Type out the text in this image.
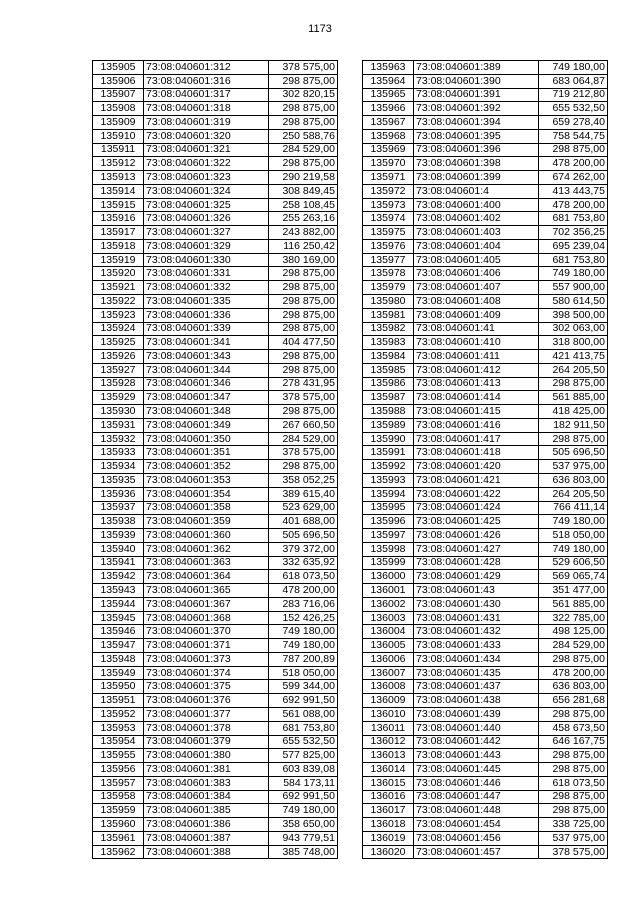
1173
135905	73:08:040601:312	378 575,00
135906	73:08:040601:316	298 875,00
135907	73:08:040601:317	302 820,15
135908	73:08:040601:318	298 875,00
135909	73:08:040601:319	298 875,00
135910	73:08:040601:320	250 588,76
135911	73:08:040601:321	284 529,00
135912	73:08:040601:322	298 875,00
135913	73:08:040601:323	290 219,58
135914	73:08:040601:324	308 849,45
135915	73:08:040601:325	258 108,45
135916	73:08:040601:326	255 263,16
135917	73:08:040601:327	243 882,00
135918	73:08:040601:329	116 250,42
135919	73:08:040601:330	380 169,00
135920	73:08:040601:331	298 875,00
135921	73:08:040601:332	298 875,00
135922	73:08:040601:335	298 875,00
135923	73:08:040601:336	298 875,00
135924	73:08:040601:339	298 875,00
135925	73:08:040601:341	404 477,50
135926	73:08:040601:343	298 875,00
135927	73:08:040601:344	298 875,00
135928	73:08:040601:346	278 431,95
135929	73:08:040601:347	378 575,00
135930	73:08:040601:348	298 875,00
135931	73:08:040601:349	267 660,50
135932	73:08:040601:350	284 529,00
135933	73:08:040601:351	378 575,00
135934	73:08:040601:352	298 875,00
135935	73:08:040601:353	358 052,25
135936	73:08:040601:354	389 615,40
135937	73:08:040601:358	523 629,00
135938	73:08:040601:359	401 688,00
135939	73:08:040601:360	505 696,50
135940	73:08:040601:362	379 372,00
135941	73:08:040601:363	332 635,92
135942	73:08:040601:364	618 073,50
135943	73:08:040601:365	478 200,00
135944	73:08:040601:367	283 716,06
135945	73:08:040601:368	152 426,25
135946	73:08:040601:370	749 180,00
135947	73:08:040601:371	749 180,00
135948	73:08:040601:373	787 200,89
135949	73:08:040601:374	518 050,00
135950	73:08:040601:375	599 344,00
135951	73:08:040601:376	692 991,50
135952	73:08:040601:377	561 088,00
135953	73:08:040601:378	681 753,80
135954	73:08:040601:379	655 532,50
135955	73:08:040601:380	577 825,00
135956	73:08:040601:381	603 839,08
135957	73:08:040601:383	584 173,11
135958	73:08:040601:384	692 991,50
135959	73:08:040601:385	749 180,00
135960	73:08:040601:386	358 650,00
135961	73:08:040601:387	943 779,51
135962	73:08:040601:388	385 748,00
135963	73:08:040601:389	749 180,00
135964	73:08:040601:390	683 064,87
135965	73:08:040601:391	719 212,80
135966	73:08:040601:392	655 532,50
135967	73:08:040601:394	659 278,40
135968	73:08:040601:395	758 544,75
135969	73:08:040601:396	298 875,00
135970	73:08:040601:398	478 200,00
135971	73:08:040601:399	674 262,00
135972	73:08:040601:4	413 443,75
135973	73:08:040601:400	478 200,00
135974	73:08:040601:402	681 753,80
135975	73:08:040601:403	702 356,25
135976	73:08:040601:404	695 239,04
135977	73:08:040601:405	681 753,80
135978	73:08:040601:406	749 180,00
135979	73:08:040601:407	557 900,00
135980	73:08:040601:408	580 614,50
135981	73:08:040601:409	398 500,00
135982	73:08:040601:41	302 063,00
135983	73:08:040601:410	318 800,00
135984	73:08:040601:411	421 413,75
135985	73:08:040601:412	264 205,50
135986	73:08:040601:413	298 875,00
135987	73:08:040601:414	561 885,00
135988	73:08:040601:415	418 425,00
135989	73:08:040601:416	182 911,50
135990	73:08:040601:417	298 875,00
135991	73:08:040601:418	505 696,50
135992	73:08:040601:420	537 975,00
135993	73:08:040601:421	636 803,00
135994	73:08:040601:422	264 205,50
135995	73:08:040601:424	766 411,14
135996	73:08:040601:425	749 180,00
135997	73:08:040601:426	518 050,00
135998	73:08:040601:427	749 180,00
135999	73:08:040601:428	529 606,50
136000	73:08:040601:429	569 065,74
136001	73:08:040601:43	351 477,00
136002	73:08:040601:430	561 885,00
136003	73:08:040601:431	322 785,00
136004	73:08:040601:432	498 125,00
136005	73:08:040601:433	284 529,00
136006	73:08:040601:434	298 875,00
136007	73:08:040601:435	478 200,00
136008	73:08:040601:437	636 803,00
136009	73:08:040601:438	656 281,68
136010	73:08:040601:439	298 875,00
136011	73:08:040601:440	458 673,50
136012	73:08:040601:442	646 167,75
136013	73:08:040601:443	298 875,00
136014	73:08:040601:445	298 875,00
136015	73:08:040601:446	618 073,50
136016	73:08:040601:447	298 875,00
136017	73:08:040601:448	298 875,00
136018	73:08:040601:454	338 725,00
136019	73:08:040601:456	537 975,00
136020	73:08:040601:457	378 575,00
